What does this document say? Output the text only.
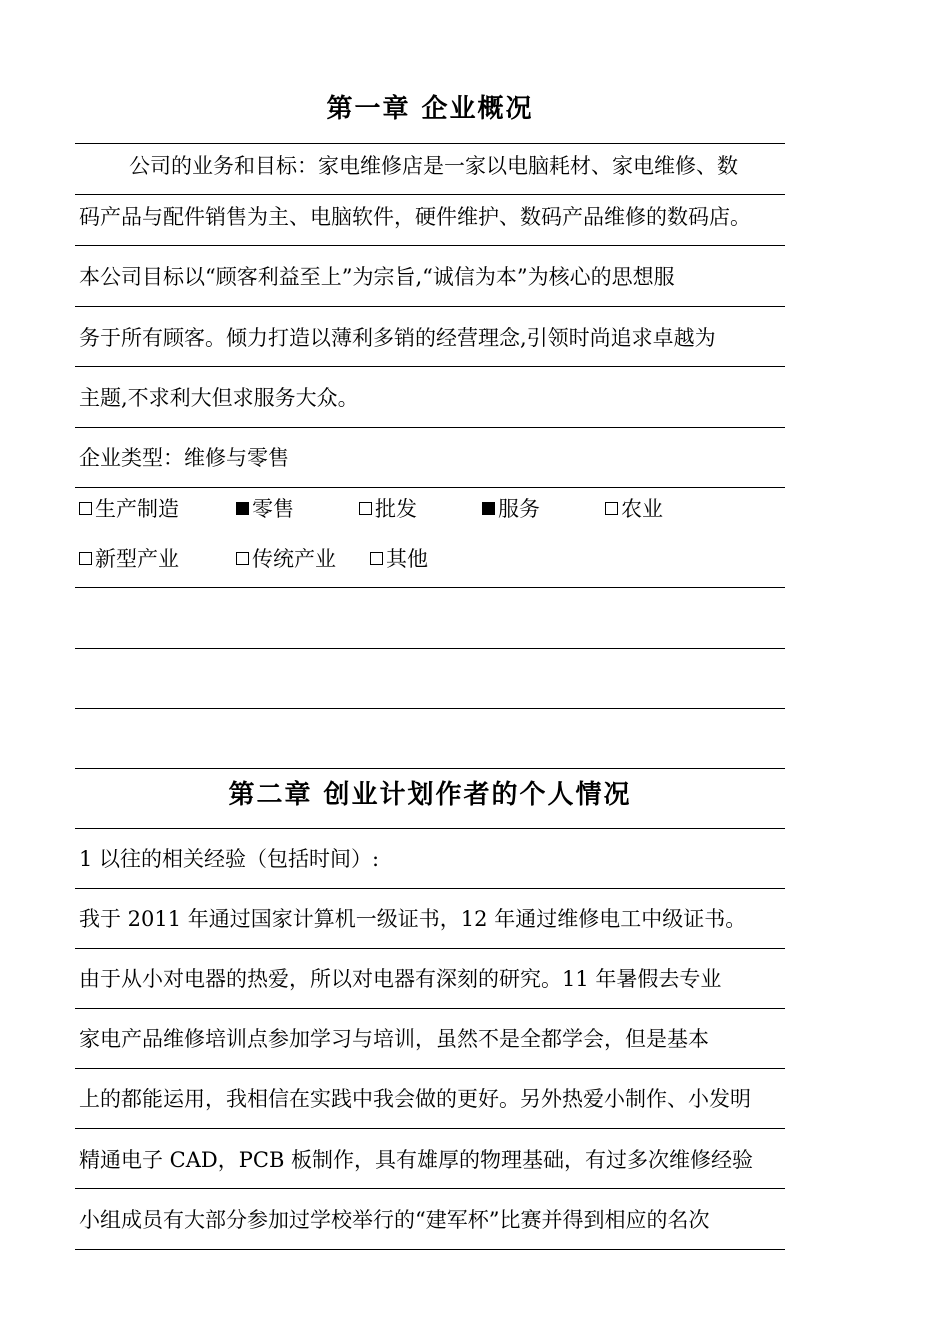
第一章 企业概况
公司的业务和目标：家电维修店是一家以电脑耗材、家电维修、数
码产品与配件销售为主、电脑软件，硬件维护、数码产品维修的数码店。
本公司目标以“顾客利益至上”为宗旨,“诚信为本”为核心的思想服
务于所有顾客。倾力打造以薄利多销的经营理念,引领时尚追求卓越为
主题,不求利大但求服务大众。
企业类型：维修与零售
生产制造	零售	批发	服务	农业
新型产业	传统产业	其他
第二章 创业计划作者的个人情况
1 以往的相关经验（包括时间）:
我于 2011 年通过国家计算机一级证书，12 年通过维修电工中级证书。
由于从小对电器的热爱，所以对电器有深刻的研究。11 年暑假去专业
家电产品维修培训点参加学习与培训，虽然不是全都学会，但是基本
上的都能运用，我相信在实践中我会做的更好。另外热爱小制作、小发明
精通电子 CAD，PCB 板制作，具有雄厚的物理基础，有过多次维修经验
小组成员有大部分参加过学校举行的“建军杯”比赛并得到相应的名次
